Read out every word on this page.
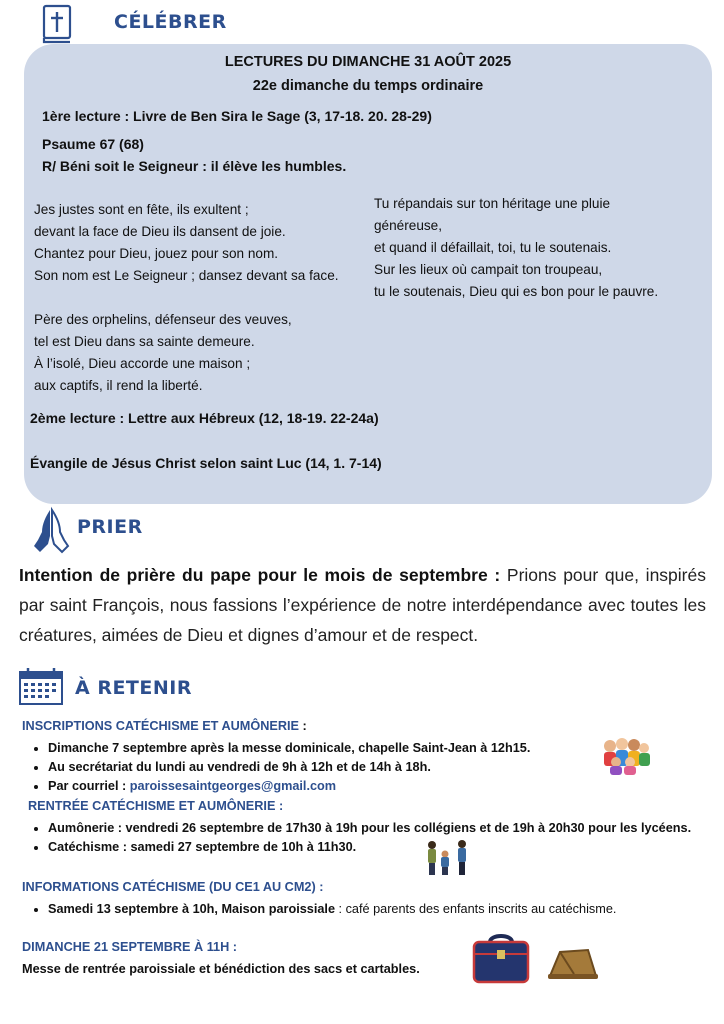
CÉLÉBRER
LECTURES DU DIMANCHE 31 AOÛT 2025
22e dimanche du temps ordinaire
1ère lecture : Livre de Ben Sira le Sage (3, 17-18. 20. 28-29)
Psaume 67 (68)
R/ Béni soit le Seigneur : il élève les humbles.
Jes justes sont en fête, ils exultent ;
devant la face de Dieu ils dansent de joie.
Chantez pour Dieu, jouez pour son nom.
Son nom est Le Seigneur ; dansez devant sa face.
Père des orphelins, défenseur des veuves,
tel est Dieu dans sa sainte demeure.
À l’isolé, Dieu accorde une maison ;
aux captifs, il rend la liberté.
Tu répandais sur ton héritage une pluie
généreuse,
et quand il défaillait, toi, tu le soutenais.
Sur les lieux où campait ton troupeau,
tu le soutenais, Dieu qui es bon pour le pauvre.
2ème lecture : Lettre aux Hébreux (12, 18-19. 22-24a)
Évangile de Jésus Christ selon saint Luc (14, 1. 7-14)
PRIER
Intention de prière du pape pour le mois de septembre : Prions pour que, inspirés par saint François, nous fassions l’expérience de notre interdépendance avec toutes les créatures, aimées de Dieu et dignes d’amour et de respect.
À RETENIR
INSCRIPTIONS CATÉCHISME ET AUMÔNERIE :
• Dimanche 7 septembre après la messe dominicale, chapelle Saint-Jean à 12h15.
• Au secrétariat du lundi au vendredi de 9h à 12h et de 14h à 18h.
• Par courriel : paroissesaintgeorges@gmail.com
RENTRÉE CATÉCHISME ET AUMÔNERIE :
• Aumônerie : vendredi 26 septembre de 17h30 à 19h pour les collégiens et de 19h à 20h30 pour les lycéens.
• Catéchisme : samedi 27 septembre de 10h à 11h30.
INFORMATIONS CATÉCHISME (DU CE1 AU CM2) :
• Samedi 13 septembre à 10h, Maison paroissiale : café parents des enfants inscrits au catéchisme.
DIMANCHE 21 SEPTEMBRE À 11H :
Messe de rentrée paroissiale et bénédiction des sacs et cartables.
